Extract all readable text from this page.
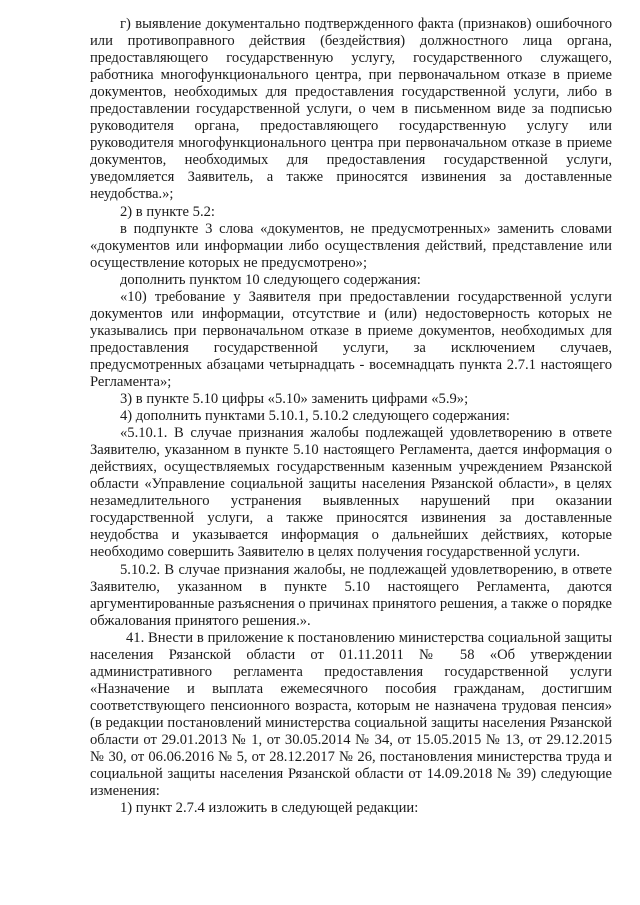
г) выявление документально подтвержденного факта (признаков) ошибочного или противоправного действия (бездействия) должностного лица органа, предоставляющего государственную услугу, государственного служащего, работника многофункционального центра, при первоначальном отказе в приеме документов, необходимых для предоставления государственной услуги, либо в предоставлении государственной услуги, о чем в письменном виде за подписью руководителя органа, предоставляющего государственную услугу или руководителя многофункционального центра при первоначальном отказе в приеме документов, необходимых для предоставления государственной услуги, уведомляется Заявитель, а также приносятся извинения за доставленные неудобства.»;

2) в пункте 5.2:

в подпункте 3 слова «документов, не предусмотренных» заменить словами «документов или информации либо осуществления действий, представление или осуществление которых не предусмотрено»;

дополнить пунктом 10 следующего содержания:

«10) требование у Заявителя при предоставлении государственной услуги документов или информации, отсутствие и (или) недостоверность которых не указывались при первоначальном отказе в приеме документов, необходимых для предоставления государственной услуги, за исключением случаев, предусмотренных абзацами четырнадцать - восемнадцать пункта 2.7.1 настоящего Регламента»;

3) в пункте 5.10 цифры «5.10» заменить цифрами «5.9»;

4) дополнить пунктами 5.10.1, 5.10.2 следующего содержания:

«5.10.1. В случае признания жалобы подлежащей удовлетворению в ответе Заявителю, указанном в пункте 5.10 настоящего Регламента, дается информация о действиях, осуществляемых государственным казенным учреждением Рязанской области «Управление социальной защиты населения Рязанской области», в целях незамедлительного устранения выявленных нарушений при оказании государственной услуги, а также приносятся извинения за доставленные неудобства и указывается информация о дальнейших действиях, которые необходимо совершить Заявителю в целях получения государственной услуги.

5.10.2. В случае признания жалобы, не подлежащей удовлетворению, в ответе Заявителю, указанном в пункте 5.10 настоящего Регламента, даются аргументированные разъяснения о причинах принятого решения, а также о порядке обжалования принятого решения.».

41. Внести в приложение к постановлению министерства социальной защиты населения Рязанской области от 01.11.2011 № 58 «Об утверждении административного регламента предоставления государственной услуги «Назначение и выплата ежемесячного пособия гражданам, достигшим соответствующего пенсионного возраста, которым не назначена трудовая пенсия» (в редакции постановлений министерства социальной защиты населения Рязанской области от 29.01.2013 № 1, от 30.05.2014 № 34, от 15.05.2015 № 13, от 29.12.2015 № 30, от 06.06.2016 № 5, от 28.12.2017 № 26, постановления министерства труда и социальной защиты населения Рязанской области от 14.09.2018 № 39) следующие изменения:

1) пункт 2.7.4 изложить в следующей редакции:
